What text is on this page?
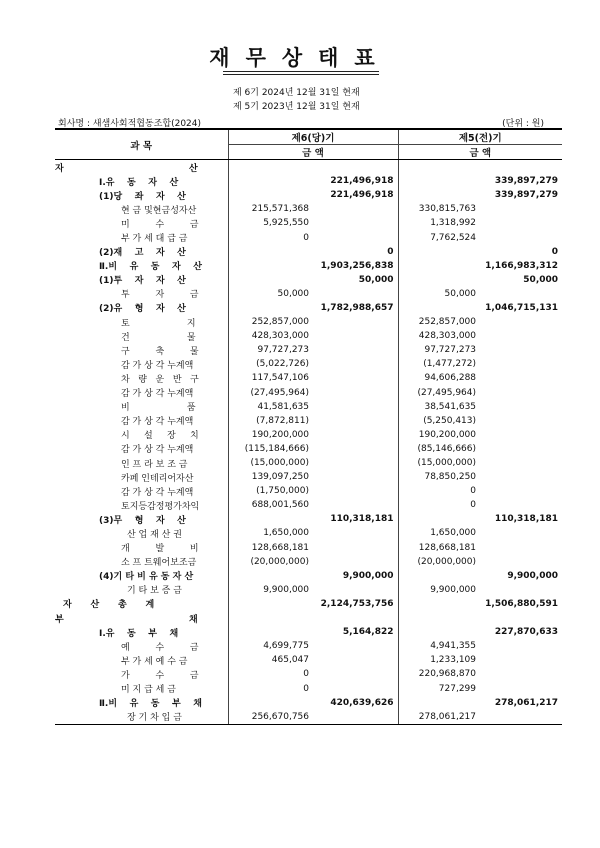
재무상태표
제 6기 2024년 12월 31일 현재
제 5기 2023년 12월 31일 현재
회사명 : 새샘사회적협동조합(2024)	(단위 : 원)
과 목	제6(당)기		제5(전)기	
	금 액		금 액	
자                                        산				
Ⅰ.유    동    자    산		221,496,918		339,897,279
(1)당    좌    자    산		221,496,918		339,897,279
현 금 및현금성자산	215,571,368		330,815,763	
미         수         금	5,925,550		1,318,992	
부 가 세 대 급 금	0		7,762,524	
(2)재    고    자    산		0		0
Ⅱ.비    유    동    자    산		1,903,256,838		1,166,983,312
(1)투    자    자    산		50,000		50,000
투         자         금	50,000		50,000	
(2)유    형    자    산		1,782,988,657		1,046,715,131
토                    지	252,857,000		252,857,000	
건                    물	428,303,000		428,303,000	
구         축         물	97,727,273		97,727,273	
감 가 상 각 누계액	(5,022,726)		(1,477,272)	
차   량   운   반   구	117,547,106		94,606,288	
감 가 상 각 누계액	(27,495,964)		(27,495,964)	
비                    품	41,581,635		38,541,635	
감 가 상 각 누계액	(7,872,811)		(5,250,413)	
시     설     장     치	190,200,000		190,200,000	
감 가 상 각 누계액	(115,184,666)		(85,146,666)	
인 프 라 보 조 금	(15,000,000)		(15,000,000)	
카페 인테리어자산	139,097,250		78,850,250	
감 가 상 각 누계액	(1,750,000)		0	
토지등감정평가차익	688,001,560		0	
(3)무    형    자    산		110,318,181		110,318,181
산 업 재 산 권	1,650,000		1,650,000	
개         발         비	128,668,181		128,668,181	
소 프 트웨어보조금	(20,000,000)		(20,000,000)	
(4)기 타 비 유 동 자 산		9,900,000		9,900,000
기 타 보 증 금	9,900,000		9,900,000	
자      산      총      계		2,124,753,756		1,506,880,591
부                                        채				
Ⅰ.유    동    부    채		5,164,822		227,870,633
예         수         금	4,699,775		4,941,355	
부 가 세 예 수 금	465,047		1,233,109	
가         수         금	0		220,968,870	
미 지 급 세 금	0		727,299	
Ⅱ.비    유    동    부    채		420,639,626		278,061,217
장 기 차 입 금	256,670,756		278,061,217	
